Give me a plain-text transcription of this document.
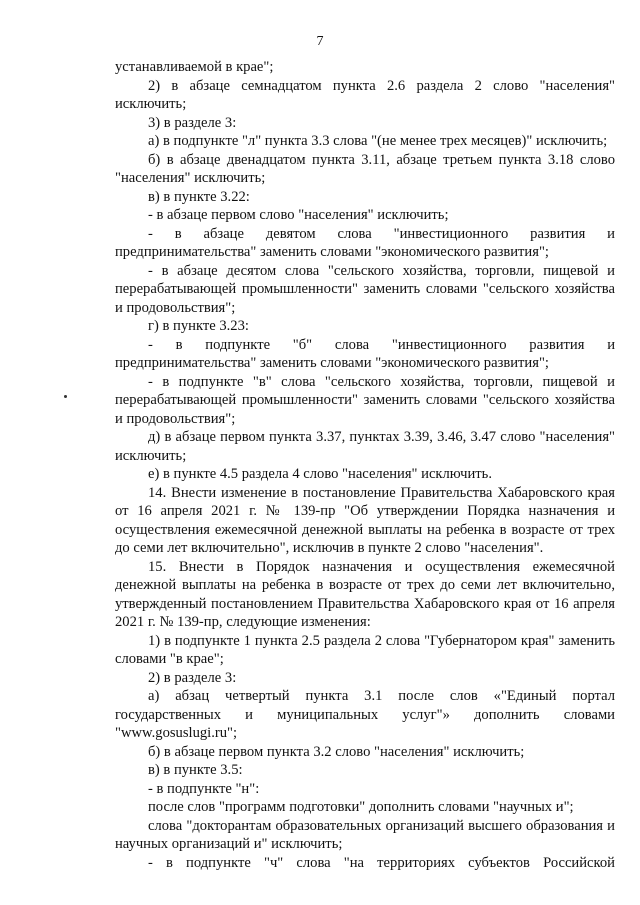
7

устанавливаемой в крае";

2) в абзаце семнадцатом пункта 2.6 раздела 2 слово "населения" исключить;

3) в разделе 3:

а) в подпункте "л" пункта 3.3 слова "(не менее трех месяцев)" исключить;

б) в абзаце двенадцатом пункта 3.11, абзаце третьем пункта 3.18 слово "населения" исключить;

в) в пункте 3.22:

- в абзаце первом слово "населения" исключить;

- в абзаце девятом слова "инвестиционного развития и предпринимательства" заменить словами "экономического развития";

- в абзаце десятом слова "сельского хозяйства, торговли, пищевой и перерабатывающей промышленности" заменить словами "сельского хозяйства и продовольствия";

г) в пункте 3.23:

- в подпункте "б" слова "инвестиционного развития и предпринимательства" заменить словами "экономического развития";

- в подпункте "в" слова "сельского хозяйства, торговли, пищевой и перерабатывающей промышленности" заменить словами "сельского хозяйства и продовольствия";

д) в абзаце первом пункта 3.37, пунктах 3.39, 3.46, 3.47 слово "населения" исключить;

е) в пункте 4.5 раздела 4 слово "населения" исключить.

14. Внести изменение в постановление Правительства Хабаровского края от 16 апреля 2021 г. № 139-пр "Об утверждении Порядка назначения и осуществления ежемесячной денежной выплаты на ребенка в возрасте от трех до семи лет включительно", исключив в пункте 2 слово "населения".

15. Внести в Порядок назначения и осуществления ежемесячной денежной выплаты на ребенка в возрасте от трех до семи лет включительно, утвержденный постановлением Правительства Хабаровского края от 16 апреля 2021 г. № 139-пр, следующие изменения:

1) в подпункте 1 пункта 2.5 раздела 2 слова "Губернатором края" заменить словами "в крае";

2) в разделе 3:

а) абзац четвертый пункта 3.1 после слов «"Единый портал государственных и муниципальных услуг"» дополнить словами "www.gosuslugi.ru";

б) в абзаце первом пункта 3.2 слово "населения" исключить;

в) в пункте 3.5:

- в подпункте "н":

после слов "программ подготовки" дополнить словами "научных и";

слова "докторантам образовательных организаций высшего образования и научных организаций и" исключить;

- в подпункте "ч" слова "на территориях субъектов Российской
